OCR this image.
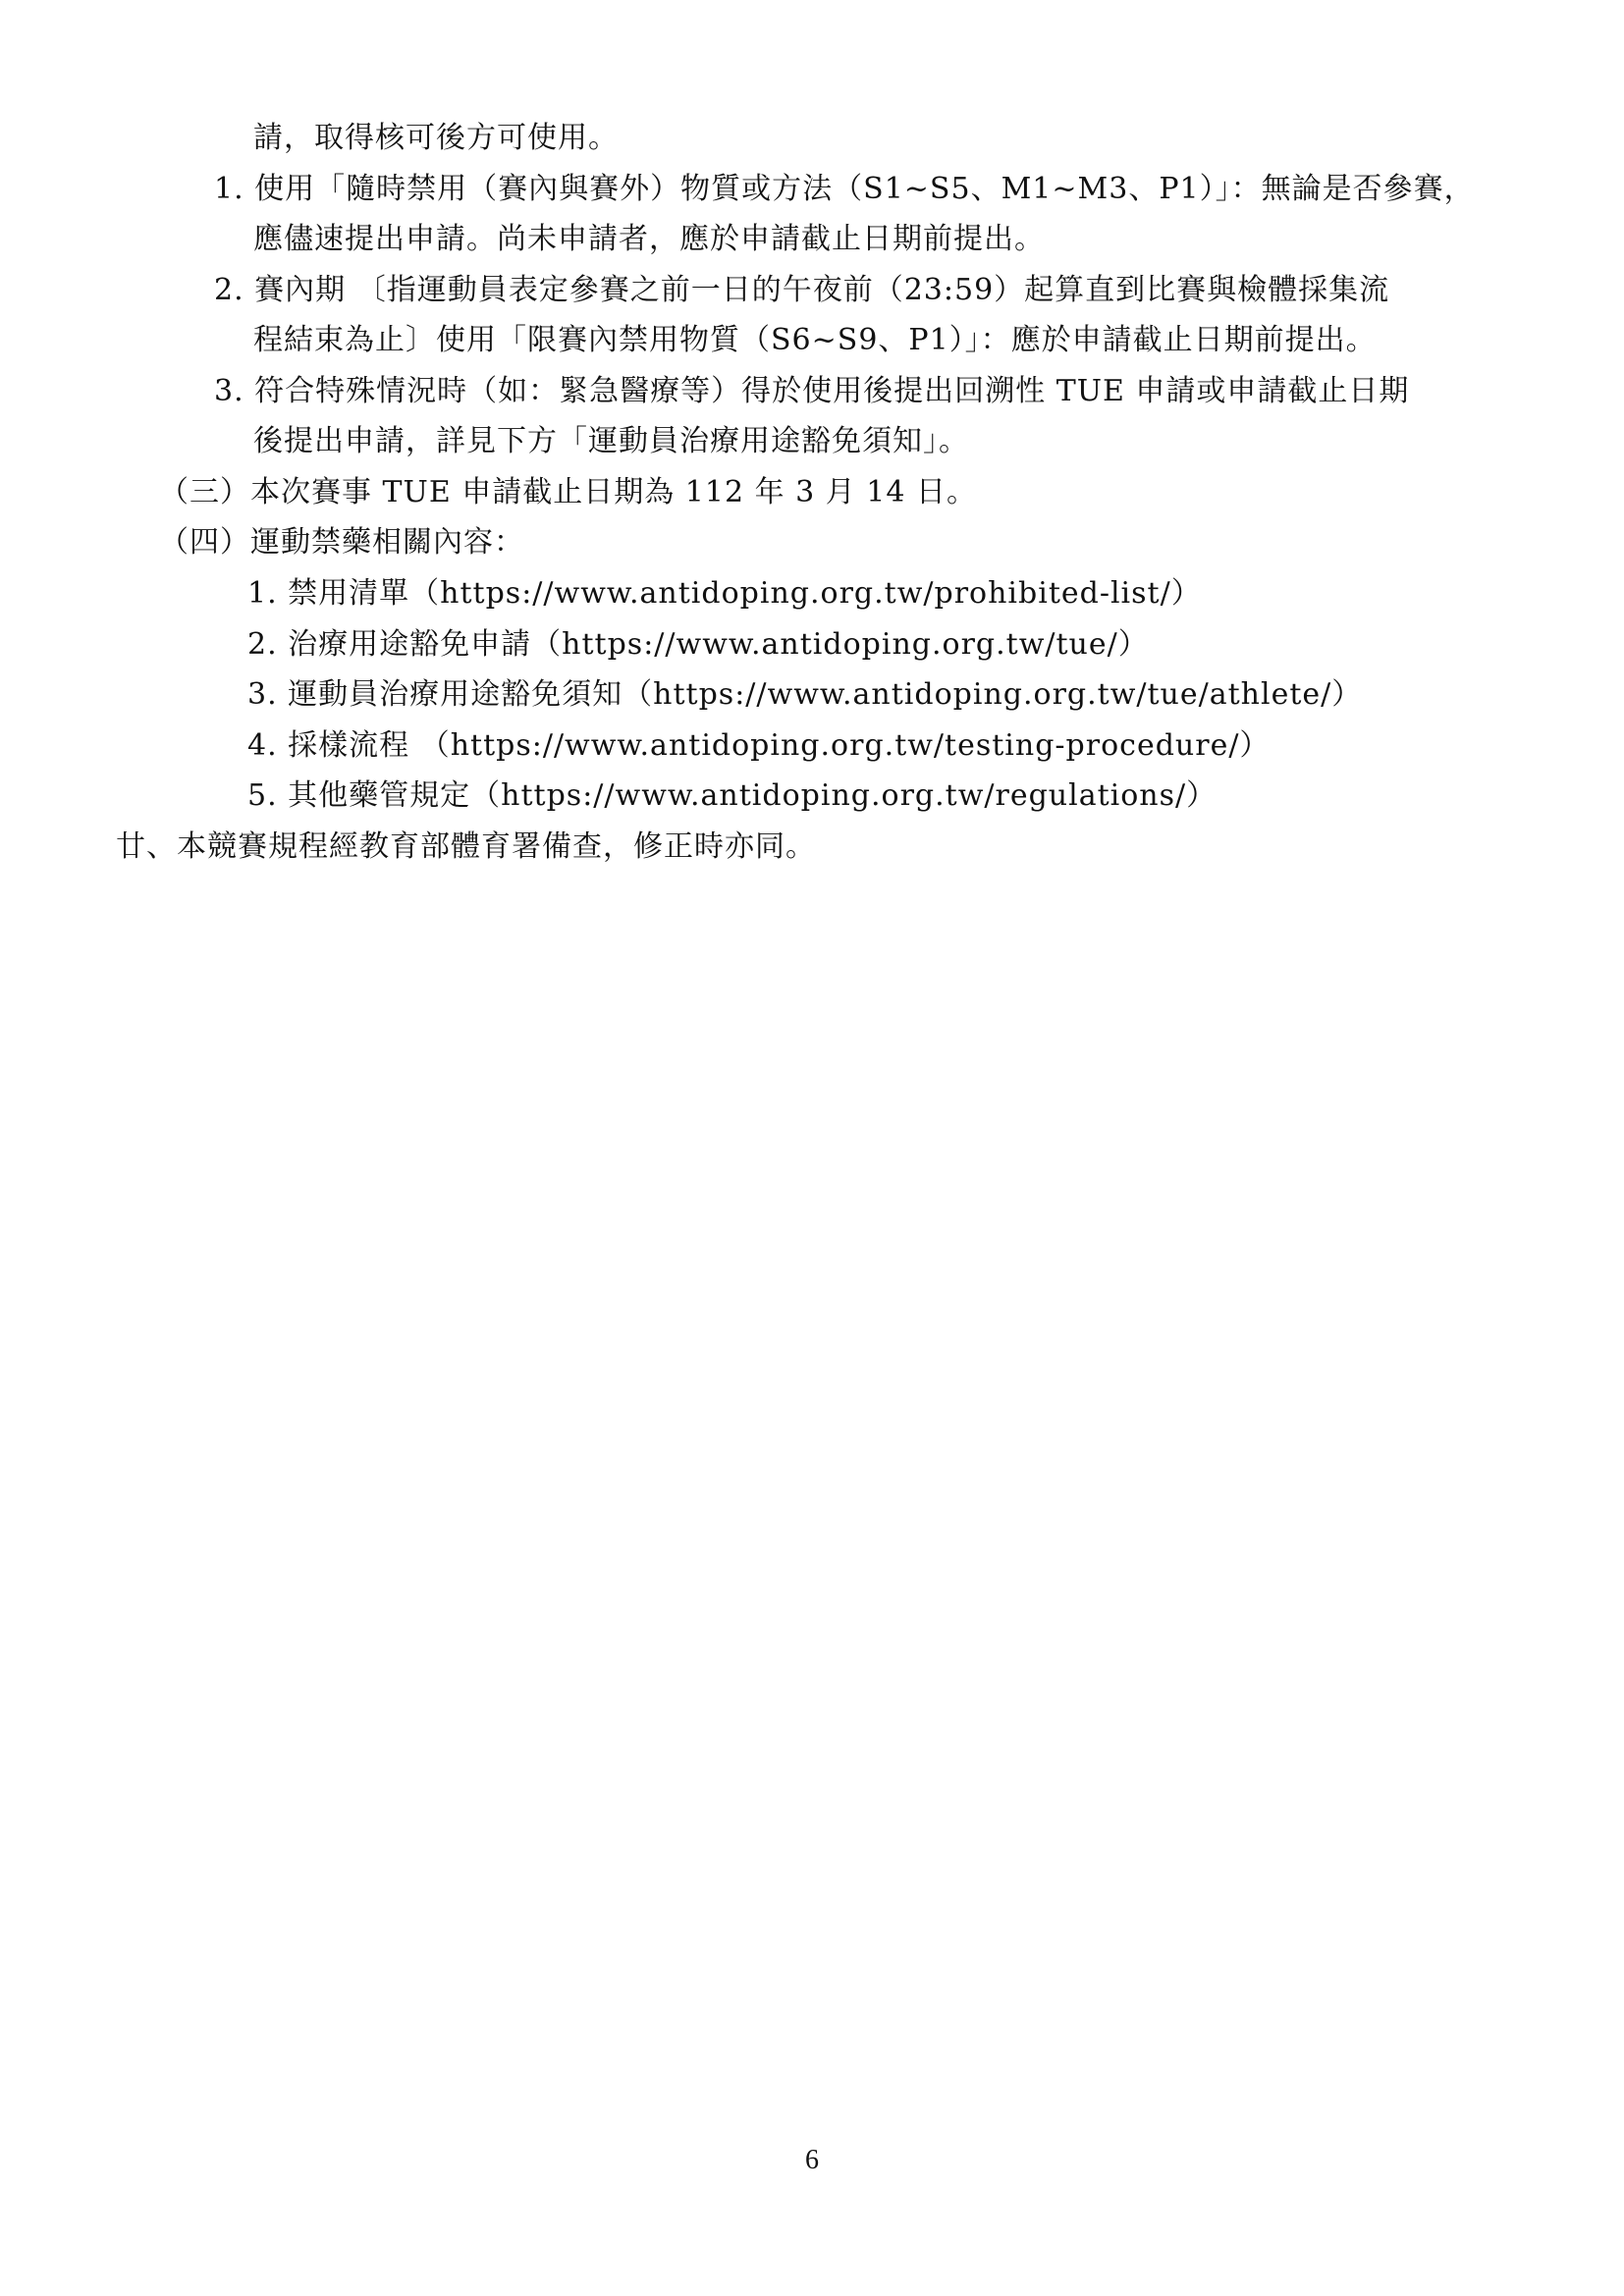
請，取得核可後方可使用。
1. 使用「隨時禁用（賽內與賽外）物質或方法（S1~S5、M1~M3、P1）」：無論是否參賽，
應儘速提出申請。尚未申請者，應於申請截止日期前提出。
2. 賽內期 〔指運動員表定參賽之前一日的午夜前（23:59）起算直到比賽與檢體採集流
程結束為止〕使用「限賽內禁用物質（S6~S9、P1）」：應於申請截止日期前提出。
3. 符合特殊情況時（如：緊急醫療等）得於使用後提出回溯性 TUE 申請或申請截止日期
後提出申請，詳見下方「運動員治療用途豁免須知」。
（三）本次賽事 TUE 申請截止日期為 112 年 3 月 14 日。
（四）運動禁藥相關內容：
1. 禁用清單（https://www.antidoping.org.tw/prohibited-list/）
2. 治療用途豁免申請（https://www.antidoping.org.tw/tue/）
3. 運動員治療用途豁免須知（https://www.antidoping.org.tw/tue/athlete/）
4. 採樣流程 （https://www.antidoping.org.tw/testing-procedure/）
5. 其他藥管規定（https://www.antidoping.org.tw/regulations/）
廿、本競賽規程經教育部體育署備查，修正時亦同。
6
